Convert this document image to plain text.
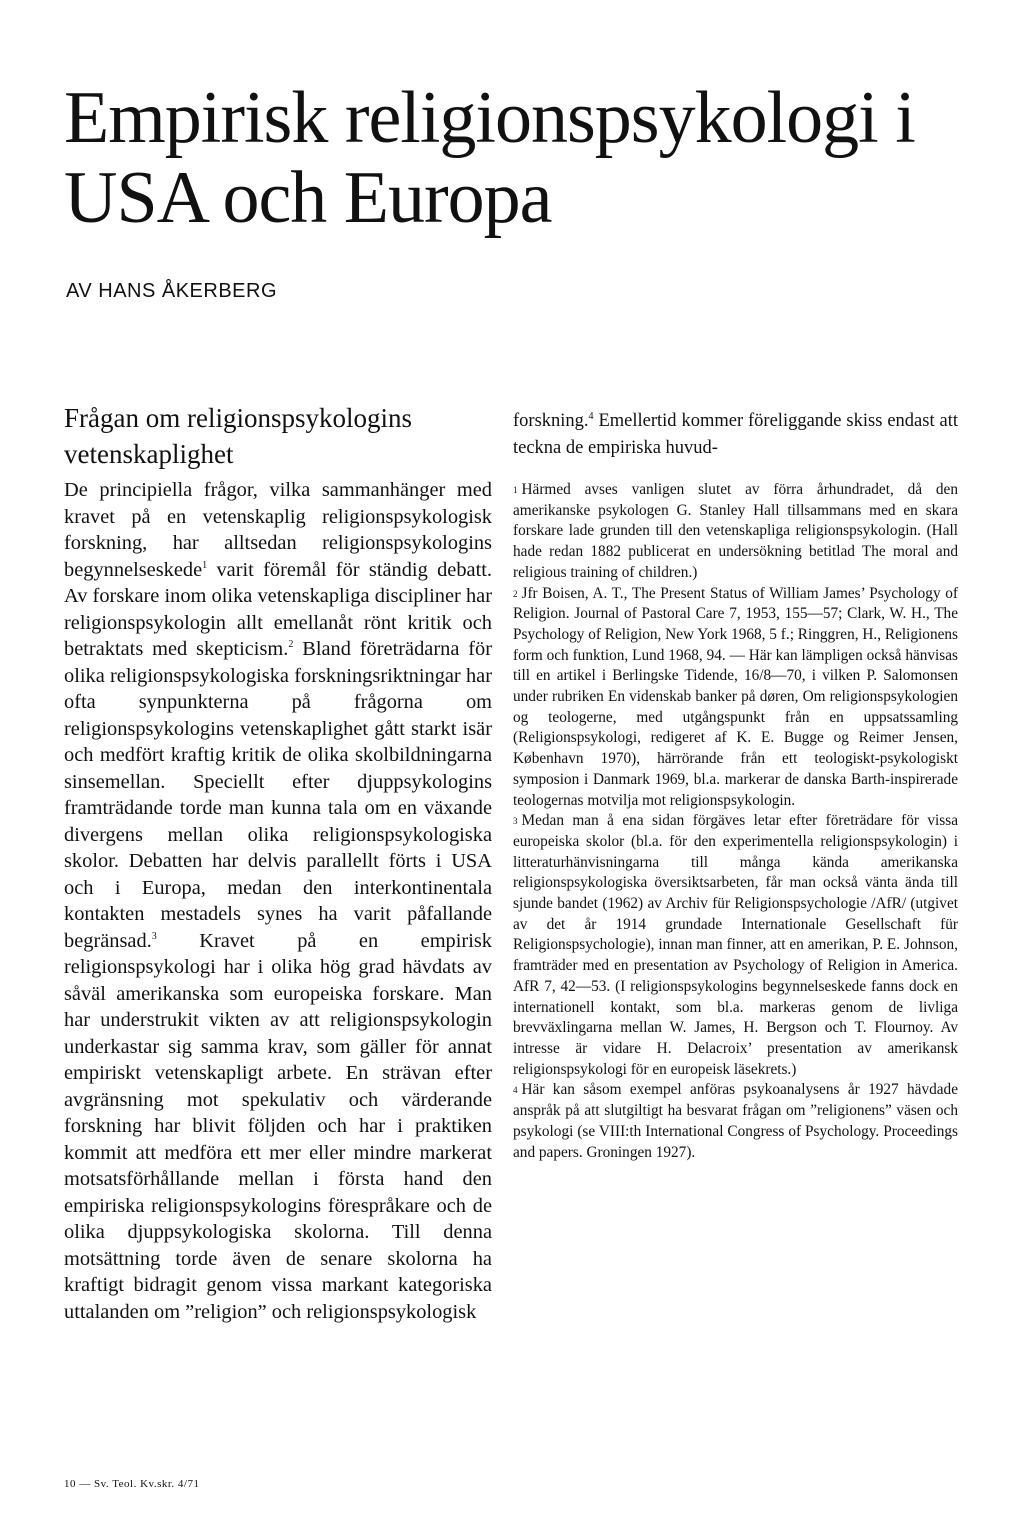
Empirisk religionspsykologi i
USA och Europa
AV HANS ÅKERBERG
Frågan om religionspsykologins vetenskaplighet

De principiella frågor, vilka sammanhänger med kravet på en vetenskaplig religionspsykologisk forskning, har alltsedan religionspsykologins begynnelseskede$^1$ varit föremål för ständig debatt. Av forskare inom olika vetenskapliga discipliner har religionspsykologin allt emellanåt rönt kritik och betraktats med skepticism.$^2$ Bland företrädarna för olika religionspsykologiska forskningsriktningar har ofta synpunkterna på frågorna om religionspsykologins vetenskaplighet gått starkt isär och medfört kraftig kritik de olika skolbildningarna sinsemellan. Speciellt efter djuppsykologins framträdande torde man kunna tala om en växande divergens mellan olika religionspsykologiska skolor. Debatten har delvis parallellt förts i USA och i Europa, medan den interkontinentala kontakten mestadels synes ha varit påfallande begränsad.$^3$ Kravet på en empirisk religionspsykologi har i olika hög grad hävdats av såväl amerikanska som europeiska forskare. Man har understrukit vikten av att religionspsykologin underkastar sig samma krav, som gäller för annat empiriskt vetenskapligt arbete. En strävan efter avgränsning mot spekulativ och värderande forskning har blivit följden och har i praktiken kommit att medföra ett mer eller mindre markerat motsatsförhållande mellan i första hand den empiriska religionspsykologins förespråkare och de olika djuppsykologiska skolorna. Till denna motsättning torde även de senare skolorna ha kraftigt bidragit genom vissa markant kategoriska uttalanden om ”religion” och religionspsykologisk

10 — Sv. Teol. Kv.skr. 4/71

forskning.$^4$ Emellertid kommer föreliggande skiss endast att teckna de empiriska huvud-

$^1$ Härmed avses vanligen slutet av förra århundradet, då den amerikanske psykologen G. Stanley Hall tillsammans med en skara forskare lade grunden till den vetenskapliga religionspsykologin. (Hall hade redan 1882 publicerat en undersökning betitlad The moral and religious training of children.)

$^2$ Jfr Boisen, A. T., The Present Status of William James’ Psychology of Religion. Journal of Pastoral Care 7, 1953, 155—57; Clark, W. H., The Psychology of Religion, New York 1968, 5 f.; Ringgren, H., Religionens form och funktion, Lund 1968, 94. — Här kan lämpligen också hänvisas till en artikel i Berlingske Tidende, 16/8—70, i vilken P. Salomonsen under rubriken En videnskab banker på døren, Om religionspsykologien og teologerne, med utgångspunkt från en uppsatssamling (Religionspsykologi, redigeret af K. E. Bugge og Reimer Jensen, København 1970), härrörande från ett teologiskt-psykologiskt symposion i Danmark 1969, bl.a. markerar de danska Barth-inspirerade teologernas motvilja mot religionspsykologin.

$^3$ Medan man å ena sidan förgäves letar efter företrädare för vissa europeiska skolor (bl.a. för den experimentella religionspsykologin) i litteraturhänvisningarna till många kända amerikanska religionspsykologiska översiktsarbeten, får man också vänta ända till sjunde bandet (1962) av Archiv für Religionspsychologie /AfR/ (utgivet av det år 1914 grundade Internationale Gesellschaft für Religionspsychologie), innan man finner, att en amerikan, P. E. Johnson, framträder med en presentation av Psychology of Religion in America. AfR 7, 42—53. (I religionspsykologins begynnelseskede fanns dock en internationell kontakt, som bl.a. markeras genom de livliga brevväxlingarna mellan W. James, H. Bergson och T. Flournoy. Av intresse är vidare H. Delacroix’ presentation av amerikansk religionspsykologi för en europeisk läsekrets.)

$^4$ Här kan såsom exempel anföras psykoanalysens år 1927 hävdade anspråk på att slutgiltigt ha besvarat frågan om ”religionens” väsen och psykologi (se VIII:th International Congress of Psychology. Proceedings and papers. Groningen 1927).
